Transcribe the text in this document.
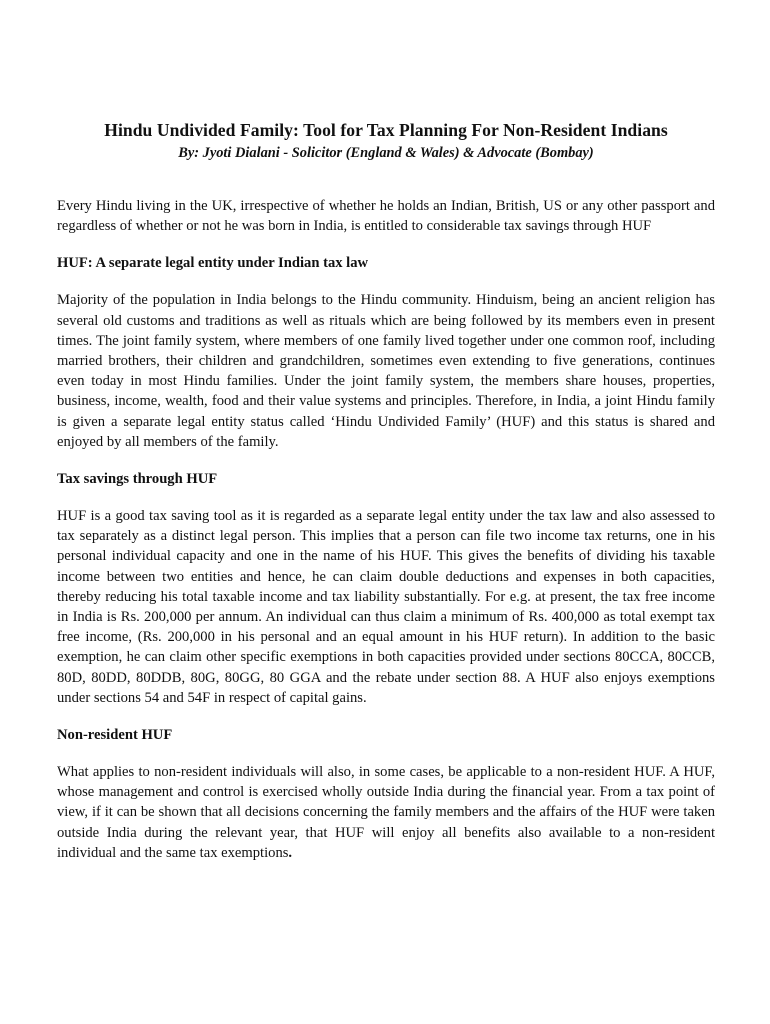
Hindu Undivided Family: Tool for Tax Planning For Non-Resident Indians

By: Jyoti Dialani - Solicitor (England & Wales) & Advocate (Bombay)

Every Hindu living in the UK, irrespective of whether he holds an Indian, British, US or any other passport and regardless of whether or not he was born in India, is entitled to considerable tax savings through HUF

HUF: A separate legal entity under Indian tax law

Majority of the population in India belongs to the Hindu community. Hinduism, being an ancient religion has several old customs and traditions as well as rituals which are being followed by its members even in present times. The joint family system, where members of one family lived together under one common roof, including married brothers, their children and grandchildren, sometimes even extending to five generations, continues even today in most Hindu families. Under the joint family system, the members share houses, properties, business, income, wealth, food and their value systems and principles. Therefore, in India, a joint Hindu family is given a separate legal entity status called ‘Hindu Undivided Family’ (HUF) and this status is shared and enjoyed by all members of the family.

Tax savings through HUF

HUF is a good tax saving tool as it is regarded as a separate legal entity under the tax law and also assessed to tax separately as a distinct legal person. This implies that a person can file two income tax returns, one in his personal individual capacity and one in the name of his HUF. This gives the benefits of dividing his taxable income between two entities and hence, he can claim double deductions and expenses in both capacities, thereby reducing his total taxable income and tax liability substantially. For e.g. at present, the tax free income in India is Rs. 200,000 per annum. An individual can thus claim a minimum of Rs. 400,000 as total exempt tax free income, (Rs. 200,000 in his personal and an equal amount in his HUF return). In addition to the basic exemption, he can claim other specific exemptions in both capacities provided under sections 80CCA, 80CCB, 80D, 80DD, 80DDB, 80G, 80GG, 80 GGA and the rebate under section 88. A HUF also enjoys exemptions under sections 54 and 54F in respect of capital gains.

Non-resident HUF

What applies to non-resident individuals will also, in some cases, be applicable to a non-resident HUF. A HUF, whose management and control is exercised wholly outside India during the financial year. From a tax point of view, if it can be shown that all decisions concerning the family members and the affairs of the HUF were taken outside India during the relevant year, that HUF will enjoy all benefits also available to a non-resident individual and the same tax exemptions.
